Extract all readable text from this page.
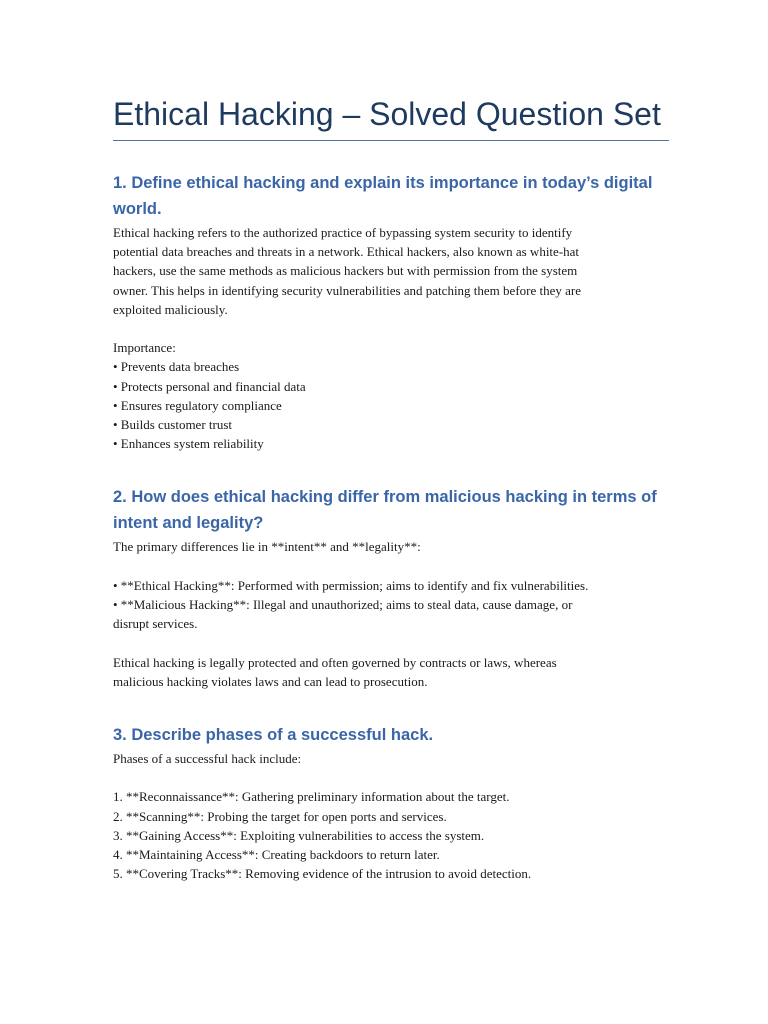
Ethical Hacking – Solved Question Set
1. Define ethical hacking and explain its importance in today’s digital
world.
Ethical hacking refers to the authorized practice of bypassing system security to identify
potential data breaches and threats in a network. Ethical hackers, also known as white-hat
hackers, use the same methods as malicious hackers but with permission from the system
owner. This helps in identifying security vulnerabilities and patching them before they are
exploited maliciously.
Importance:
• Prevents data breaches
• Protects personal and financial data
• Ensures regulatory compliance
• Builds customer trust
• Enhances system reliability
2. How does ethical hacking differ from malicious hacking in terms of
intent and legality?
The primary differences lie in **intent** and **legality**:
• **Ethical Hacking**: Performed with permission; aims to identify and fix vulnerabilities.
• **Malicious Hacking**: Illegal and unauthorized; aims to steal data, cause damage, or
disrupt services.
Ethical hacking is legally protected and often governed by contracts or laws, whereas
malicious hacking violates laws and can lead to prosecution.
3. Describe phases of a successful hack.
Phases of a successful hack include:
1. **Reconnaissance**: Gathering preliminary information about the target.
2. **Scanning**: Probing the target for open ports and services.
3. **Gaining Access**: Exploiting vulnerabilities to access the system.
4. **Maintaining Access**: Creating backdoors to return later.
5. **Covering Tracks**: Removing evidence of the intrusion to avoid detection.
